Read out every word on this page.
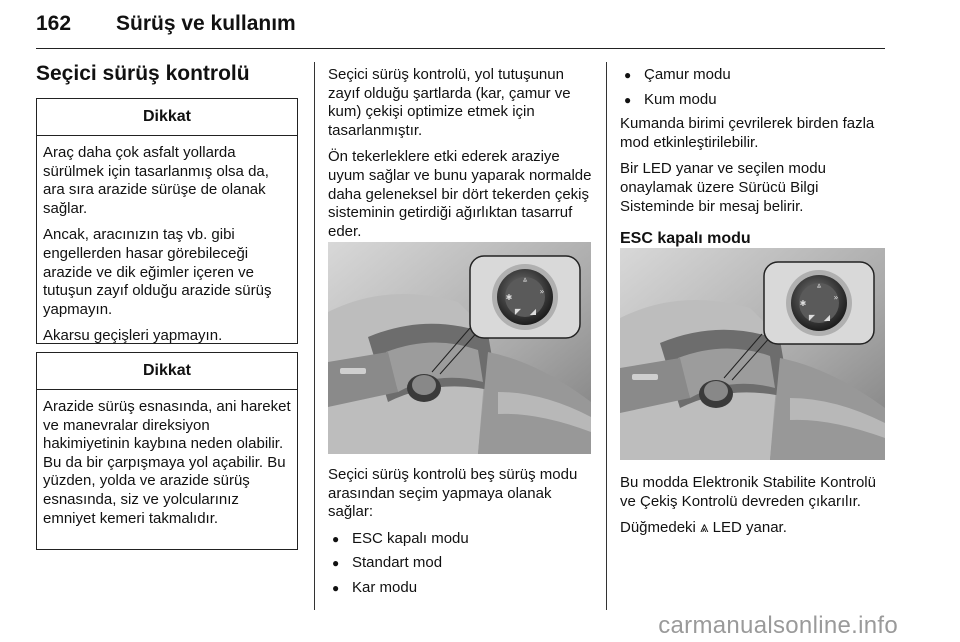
162 Sürüş ve kullanım
Seçici sürüş kontrolü
Dikkat

Araç daha çok asfalt yollarda sürülmek için tasarlanmış olsa da, ara sıra arazide sürüşe de olanak sağlar.

Ancak, aracınızın taş vb. gibi engellerden hasar görebileceği arazide ve dik eğimler içeren ve tutuşun zayıf olduğu arazide sürüş yapmayın.

Akarsu geçişleri yapmayın.

Dikkat

Arazide sürüş esnasında, ani hareket ve manevralar direksiyon hakimiyetinin kaybına neden olabilir. Bu da bir çarpışmaya yol açabilir. Bu yüzden, yolda ve arazide sürüş esnasında, siz ve yolcularınız emniyet kemeri takmalıdır.

Seçici sürüş kontrolü, yol tutuşunun zayıf olduğu şartlarda (kar, çamur ve kum) çekişi optimize etmek için tasarlanmıştır.

Ön tekerleklere etki ederek araziye uyum sağlar ve bunu yaparak normalde daha geleneksel bir dört tekerden çekiş sisteminin getirdiği ağırlıktan tasarruf eder.

⩓
✱
»
◢
◤

Seçici sürüş kontrolü beş sürüş modu arasından seçim yapmaya olanak sağlar:

● ESC kapalı modu
● Standart mod
● Kar modu
● Çamur modu
● Kum modu

Kumanda birimi çevrilerek birden fazla mod etkinleştirilebilir.

Bir LED yanar ve seçilen modu onaylamak üzere Sürücü Bilgi Sisteminde bir mesaj belirir.

ESC kapalı modu
⩓
✱
»
◢
◤

Bu modda Elektronik Stabilite Kontrolü ve Çekiş Kontrolü devreden çıkarılır.

Düğmedeki ⩓ LED yanar.

carmanualsonline.info
